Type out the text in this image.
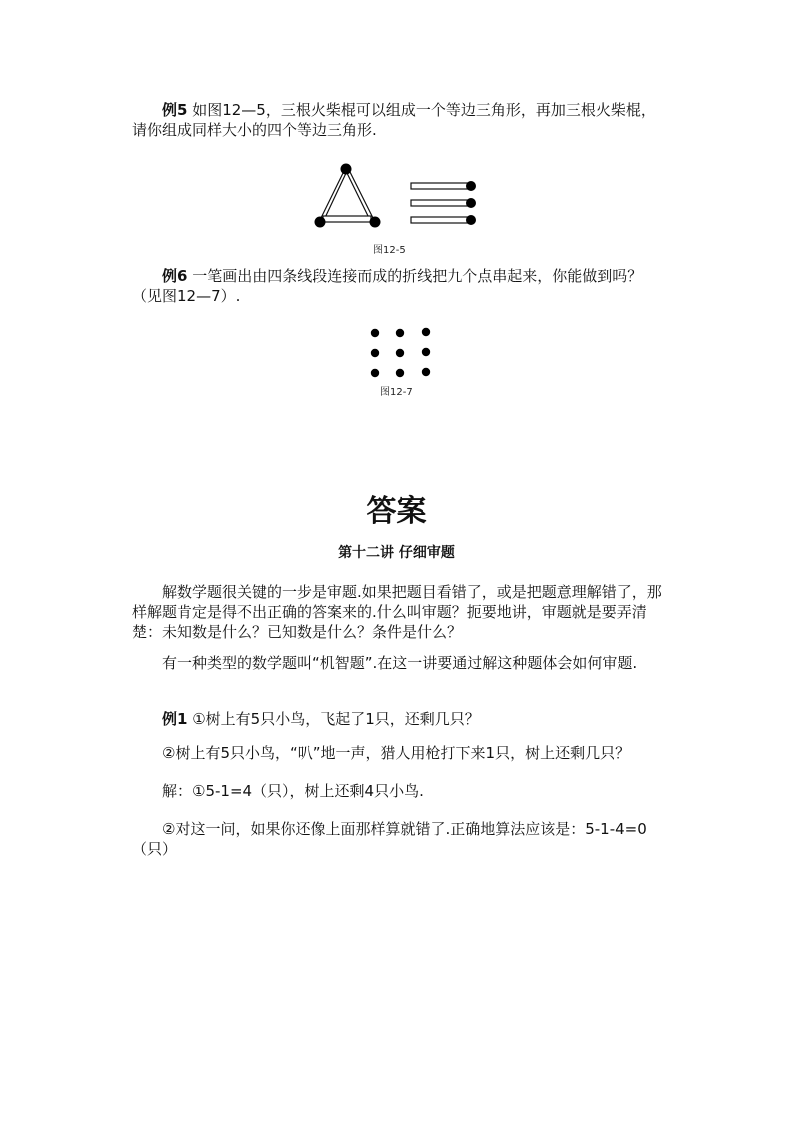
例5 如图12—5，三根火柴棍可以组成一个等边三角形，再加三根火柴棍，请你组成同样大小的四个等边三角形.

图12-5

例6 一笔画出由四条线段连接而成的折线把九个点串起来，你能做到吗？（见图12—7）.

图12-7
答案
第十二讲 仔细审题

解数学题很关键的一步是审题.如果把题目看错了，或是把题意理解错了，那样解题肯定是得不出正确的答案来的.什么叫审题？扼要地讲，审题就是要弄清楚：未知数是什么？已知数是什么？条件是什么？

有一种类型的数学题叫“机智题”.在这一讲要通过解这种题体会如何审题.

例1 ①树上有5只小鸟，飞起了1只，还剩几只？

②树上有5只小鸟，“叭”地一声，猎人用枪打下来1只，树上还剩几只？

解：①5-1=4（只），树上还剩4只小鸟.

②对这一问，如果你还像上面那样算就错了.正确地算法应该是：5-1-4=0（只）
